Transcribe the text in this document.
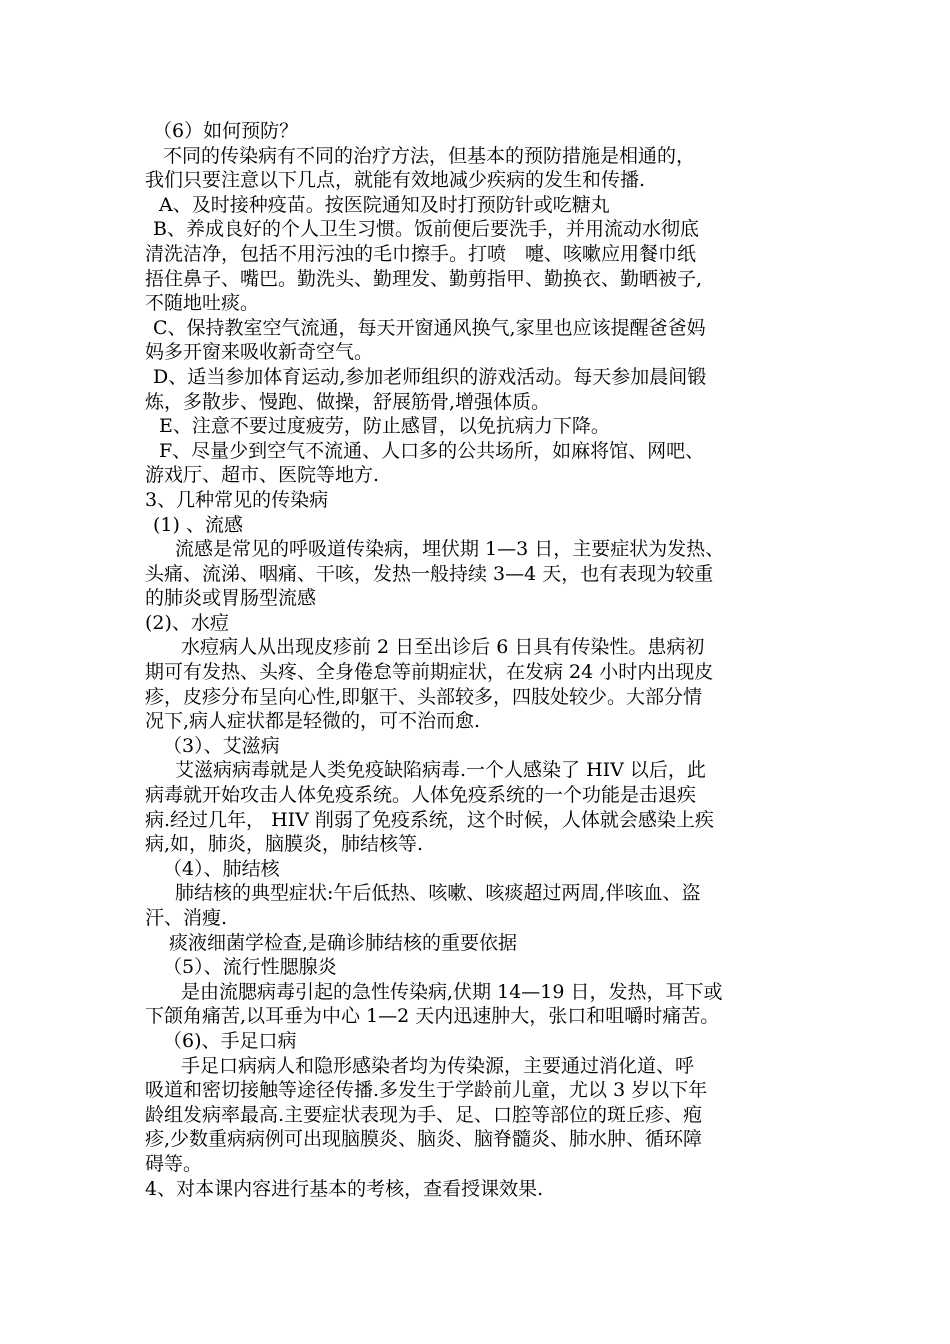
（6）如何预防？
不同的传染病有不同的治疗方法，但基本的预防措施是相通的，
我们只要注意以下几点，就能有效地减少疾病的发生和传播.
A、及时接种疫苗。按医院通知及时打预防针或吃糖丸
B、养成良好的个人卫生习惯。饭前便后要洗手，并用流动水彻底
清洗洁净，包括不用污浊的毛巾擦手。打喷　嚏、咳嗽应用餐巾纸
捂住鼻子、嘴巴。勤洗头、勤理发、勤剪指甲、勤换衣、勤晒被子,
不随地吐痰。
C、保持教室空气流通，每天开窗通风换气,家里也应该提醒爸爸妈
妈多开窗来吸收新奇空气。
D、适当参加体育运动,参加老师组织的游戏活动。每天参加晨间锻
炼，多散步、慢跑、做操，舒展筋骨,增强体质。
E、注意不要过度疲劳，防止感冒，以免抗病力下降。
F、尽量少到空气不流通、人口多的公共场所，如麻将馆、网吧、
游戏厅、超市、医院等地方.
3、几种常见的传染病
(1) 、流感
流感是常见的呼吸道传染病，埋伏期 1—3 日，主要症状为发热、
头痛、流涕、咽痛、干咳，发热一般持续 3—4 天，也有表现为较重
的肺炎或胃肠型流感
(2)、水痘
水痘病人从出现皮疹前 2 日至出诊后 6 日具有传染性。患病初
期可有发热、头疼、全身倦怠等前期症状，在发病 24 小时内出现皮
疹，皮疹分布呈向心性,即躯干、头部较多，四肢处较少。大部分情
况下,病人症状都是轻微的，可不治而愈.
（3）、艾滋病
艾滋病病毒就是人类免疫缺陷病毒.一个人感染了 HIV 以后，此
病毒就开始攻击人体免疫系统。人体免疫系统的一个功能是击退疾
病.经过几年， HIV 削弱了免疫系统，这个时候，人体就会感染上疾
病,如，肺炎，脑膜炎，肺结核等.
（4）、肺结核
肺结核的典型症状:午后低热、咳嗽、咳痰超过两周,伴咳血、盗
汗、消瘦.
痰液细菌学检查,是确诊肺结核的重要依据
（5）、流行性腮腺炎
是由流腮病毒引起的急性传染病,伏期 14—19 日，发热，耳下或
下颌角痛苦,以耳垂为中心 1—2 天内迅速肿大，张口和咀嚼时痛苦。
（6)、手足口病
手足口病病人和隐形感染者均为传染源，主要通过消化道、呼
吸道和密切接触等途径传播.多发生于学龄前儿童，尤以 3 岁以下年
龄组发病率最高.主要症状表现为手、足、口腔等部位的斑丘疹、疱
疹,少数重病病例可出现脑膜炎、脑炎、脑脊髓炎、肺水肿、循环障
碍等。
4、对本课内容进行基本的考核，查看授课效果.
